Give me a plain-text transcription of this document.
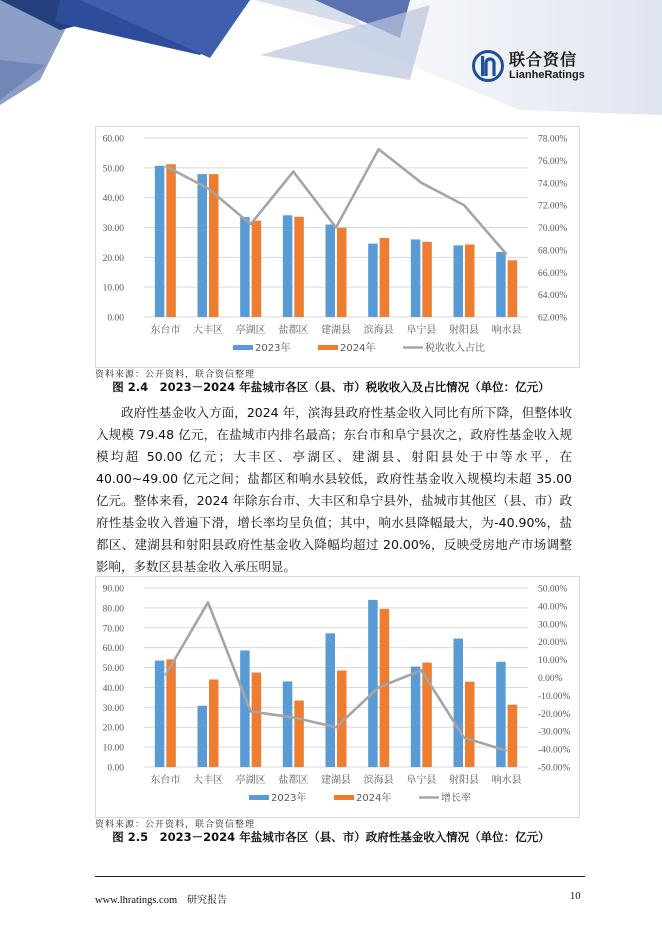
联合资信
LianheRatings
0.00
10.00
20.00
30.00
40.00
50.00
60.00
62.00%
64.00%
66.00%
68.00%
70.00%
72.00%
74.00%
76.00%
78.00%
东台市 大丰区 亭湖区 盐都区 建湖县 滨海县 阜宁县 射阳县 响水县
2023年	2024年	税收收入占比
资料来源：公开资料，联合资信整理
图 2.4　2023－2024 年盐城市各区（县、市）税收收入及占比情况（单位：亿元）
政府性基金收入方面，2024 年，滨海县政府性基金收入同比有所下降，但整体收入规模 79.48 亿元，在盐城市内排名最高；东台市和阜宁县次之，政府性基金收入规模均超 50.00 亿元；大丰区、亭湖区、建湖县、射阳县处于中等水平，在 40.00~49.00 亿元之间；盐都区和响水县较低，政府性基金收入规模均未超 35.00 亿元。整体来看，2024 年除东台市、大丰区和阜宁县外，盐城市其他区（县、市）政府性基金收入普遍下滑，增长率均呈负值；其中，响水县降幅最大，为-40.90%，盐都区、建湖县和射阳县政府性基金收入降幅均超过 20.00%，反映受房地产市场调整影响，多数区县基金收入承压明显。
0.00
10.00
20.00
30.00
40.00
50.00
60.00
70.00
80.00
90.00
-50.00%
-40.00%
-30.00%
-20.00%
-10.00%
0.00%
10.00%
20.00%
30.00%
40.00%
50.00%
东台市 大丰区 亭湖区 盐都区 建湖县 滨海县 阜宁县 射阳县 响水县
2023年	2024年	增长率
资料来源：公开资料，联合资信整理
图 2.5　2023－2024 年盐城市各区（县、市）政府性基金收入情况（单位：亿元）
www.lhratings.com 研究报告	10
